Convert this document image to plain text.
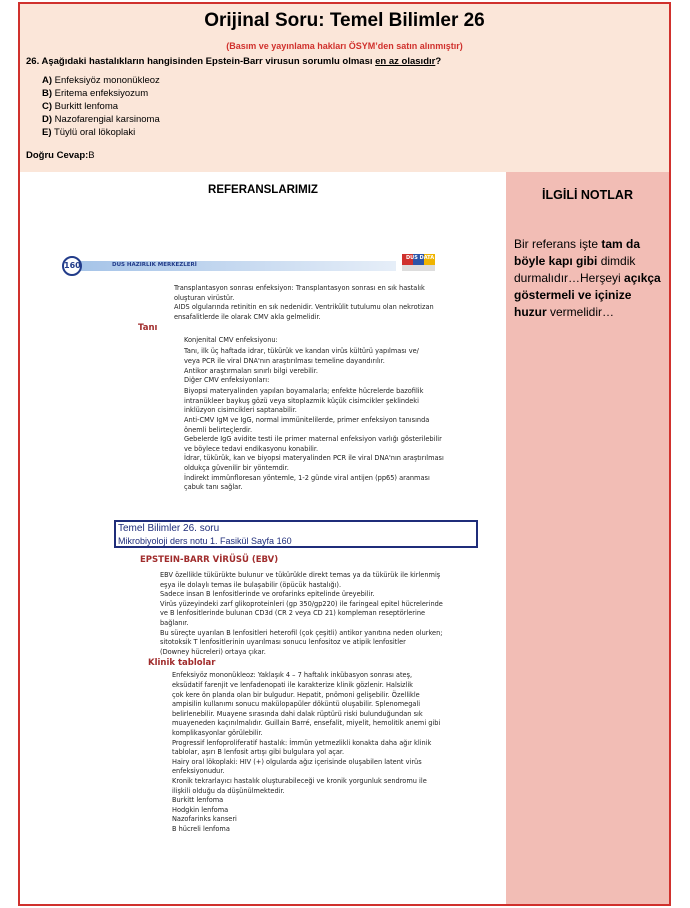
Orijinal Soru: Temel Bilimler 26
(Basım ve yayınlama hakları ÖSYM’den satın alınmıştır)
26. Aşağıdaki hastalıkların hangisinden Epstein-Barr virusun sorumlu olması en az olasıdır?
A) Enfeksiyöz mononükleoz
B) Eritema enfeksiyozum
C) Burkitt lenfoma
D) Nazofarengial karsinoma
E) Tüylü oral lökoplaki
Doğru Cevap:B
REFERANSLARIMIZ	İLGİLİ NOTLAR
Bir referans işte tam da böyle kapı gibi dimdik durmalıdır…Herşeyi açıkça göstermeli ve içinize huzur vermelidir…
160	DUS HAZIRLIK MERKEZLERİ
DUS DATA
Transplantasyon sonrası enfeksiyon: Transplantasyon sonrası en sık hastalık
oluşturan virüstür.
AIDS olgularında retinitin en sık nedenidir. Ventrikülit tutulumu olan nekrotizan
ensafalitlerde ile olarak CMV akla gelmelidir.
Tanı
Konjenital CMV enfeksiyonu:
Tanı, ilk üç haftada idrar, tükürük ve kandan virüs kültürü yapılması ve/
veya PCR ile viral DNA'nın araştırılması temeline dayandırılır.
Antikor araştırmaları sınırlı bilgi verebilir.
Diğer CMV enfeksiyonları:
Biyopsi materyalinden yapılan boyamalarla; enfekte hücrelerde bazofilik
intranükleer baykuş gözü veya sitoplazmik küçük cisimcikler şeklindeki
inklüzyon cisimcikleri saptanabilir.
Anti-CMV IgM ve IgG, normal immünitelilerde, primer enfeksiyon tanısında
önemli belirteçlerdir.
Gebelerde IgG avidite testi ile primer maternal enfeksiyon varlığı gösterilebilir
ve böylece tedavi endikasyonu konabilir.
İdrar, tükürük, kan ve biyopsi materyalinden PCR ile viral DNA'nın araştırılması
oldukça güvenilir bir yöntemdir.
İndirekt immünfloresan yöntemle, 1-2 günde viral antijen (pp65) aranması
çabuk tanı sağlar.
EPSTEIN-BARR VİRÜSÜ (EBV)
EBV özellikle tükürükte bulunur ve tükürükle direkt temas ya da tükürük ile kirlenmiş
eşya ile dolaylı temas ile bulaşabilir (öpücük hastalığı).
Sadece insan B lenfositlerinde ve orofarinks epitelinde üreyebilir.
Virüs yüzeyindeki zarf glikoproteinleri (gp 350/gp220) ile faringeal epitel hücrelerinde
ve B lenfositlerinde bulunan CD3d (CR 2 veya CD 21) kompleman reseptörlerine
bağlanır.
Bu süreçte uyarılan B lenfositleri heterofil (çok çeşitli) antikor yanıtına neden olurken;
sitotoksik T lenfositlerinin uyarılması sonucu lenfositoz ve atipik lenfositler
(Downey hücreleri) ortaya çıkar.
Klinik tablolar
Enfeksiyöz mononükleoz: Yaklaşık 4 – 7 haftalık inkübasyon sonrası ateş,
eksüdatif farenjit ve lenfadenopati ile karakterize klinik gözlenir. Halsizlik
çok kere ön planda olan bir bulgudur. Hepatit, pnömoni gelişebilir. Özellikle
ampisilin kullanımı sonucu makülopapüler döküntü oluşabilir. Splenomegali
belirlenebilir. Muayene sırasında dahi dalak rüptürü riski bulunduğundan sık
muayeneden kaçınılmalıdır. Guillain Barré, ensefalit, miyelit, hemolitik anemi gibi
komplikasyonlar görülebilir.
Progressif lenfoproliferatif hastalık: İmmün yetmezlikli konakta daha ağır klinik
tablolar, aşırı B lenfosit artışı gibi bulgulara yol açar.
Hairy oral lökoplaki: HIV (+) olgularda ağız içerisinde oluşabilen latent virüs
enfeksiyonudur.
Kronik tekrarlayıcı hastalık oluşturabileceği ve kronik yorgunluk sendromu ile
ilişkili olduğu da düşünülmektedir.
Burkitt lenfoma
Hodgkin lenfoma
Nazofarinks kanseri
B hücreli lenfoma
Temel Bilimler 26. soru
Mikrobiyoloji ders notu 1. Fasikül Sayfa 160
